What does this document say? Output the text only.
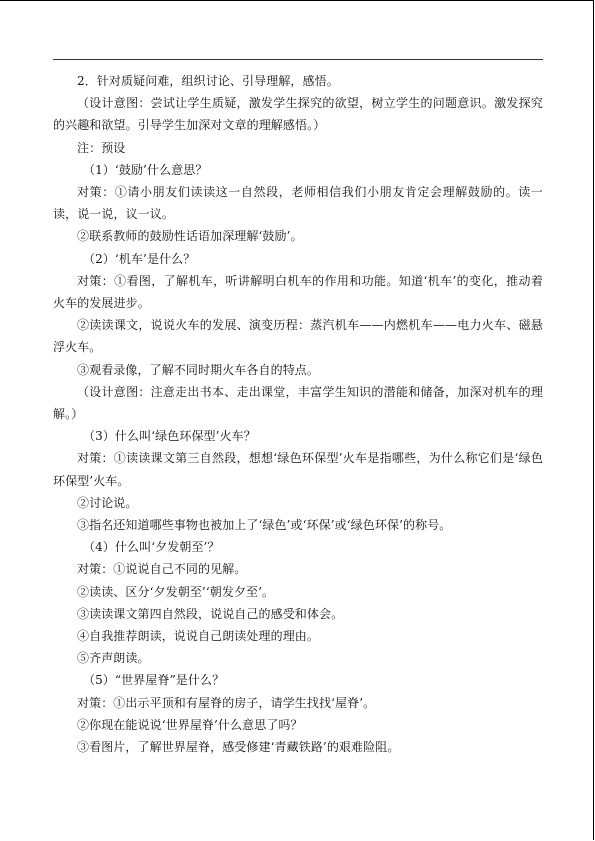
2．针对质疑问难，组织讨论、引导理解，感悟。

（设计意图：尝试让学生质疑，激发学生探究的欲望，树立学生的问题意识。激发探究的兴趣和欲望。引导学生加深对文章的理解感悟。）

注：预设

（1）‘鼓励’什么意思？

对策：①请小朋友们读读这一自然段，老师相信我们小朋友肯定会理解鼓励的。读一读，说一说，议一议。

②联系教师的鼓励性话语加深理解‘鼓励’。

（2）‘机车’是什么？

对策：①看图，了解机车，听讲解明白机车的作用和功能。知道‘机车’的变化，推动着火车的发展进步。

②读读课文，说说火车的发展、演变历程：蒸汽机车——内燃机车——电力火车、磁悬浮火车。

③观看录像，了解不同时期火车各自的特点。

（设计意图：注意走出书本、走出课堂，丰富学生知识的潜能和储备，加深对机车的理解。）

（3）什么叫‘绿色环保型’火车？

对策：①读读课文第三自然段，想想‘绿色环保型’火车是指哪些，为什么称它们是‘绿色环保型’火车。

②讨论说。

③指名还知道哪些事物也被加上了‘绿色’或‘环保’或‘绿色环保’的称号。

（4）什么叫‘夕发朝至’？

对策：①说说自己不同的见解。

②读读、区分‘夕发朝至’‘朝发夕至’。

③读读课文第四自然段，说说自己的感受和体会。

④自我推荐朗读，说说自己朗读处理的理由。

⑤齐声朗读。

（5）“世界屋脊”是什么？

对策：①出示平顶和有屋脊的房子，请学生找找‘屋脊’。

②你现在能说说‘世界屋脊’什么意思了吗？

③看图片，了解世界屋脊，感受修建‘青藏铁路’的艰难险阻。
